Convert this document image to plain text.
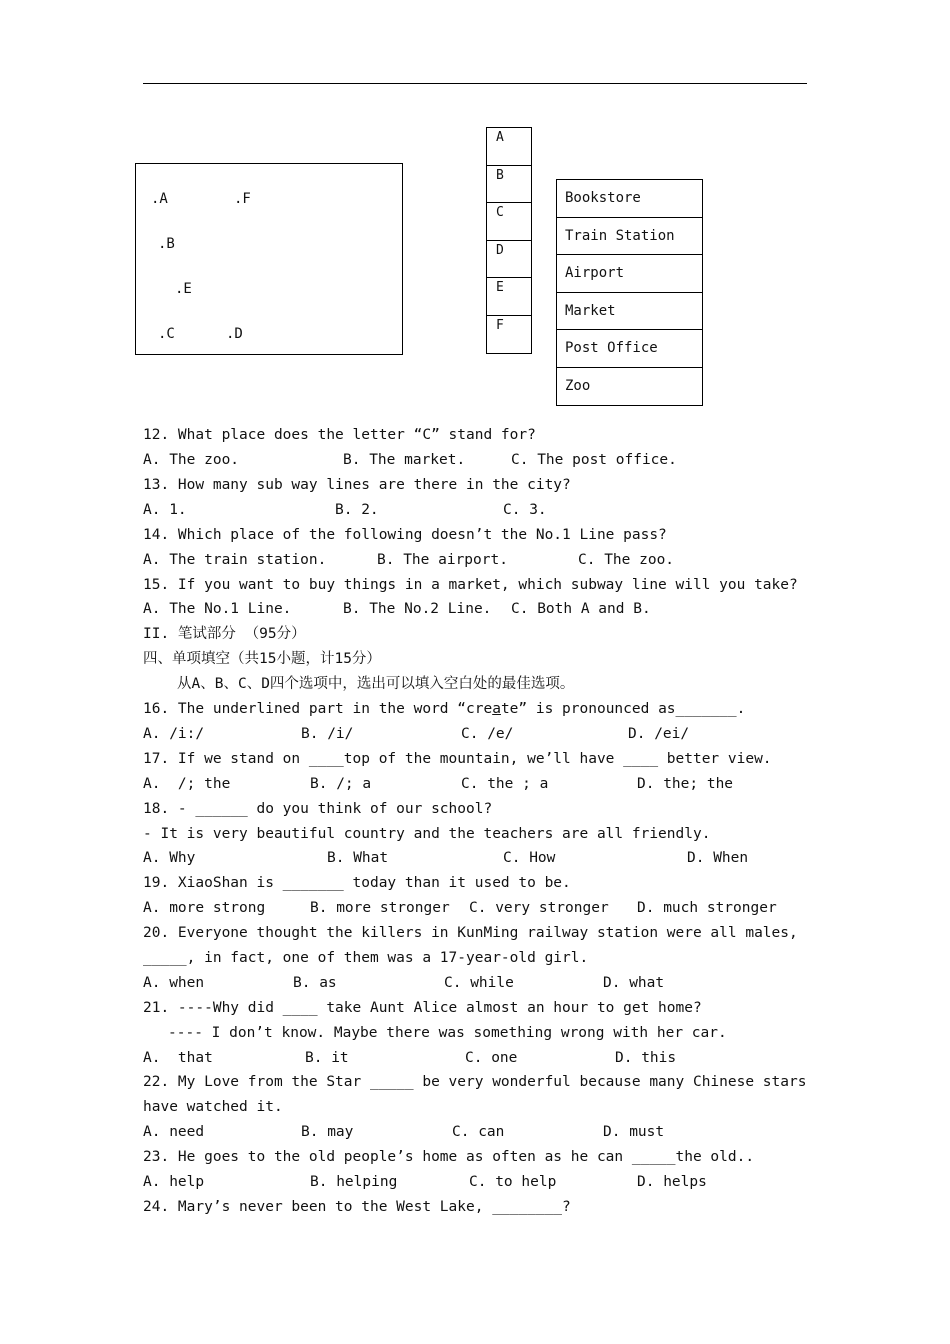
.A	.F
.B
.E
.C	.D
A
B
C
D
E
F
Bookstore
Train Station
Airport
Market
Post Office
Zoo
12. What place does the letter “C” stand for?
A. The zoo.	B. The market.	C. The post office.
13. How many sub way lines are there in the city?
A. 1.	B. 2.	C. 3.
14. Which place of the following doesn’t the No.1 Line pass?
A. The train station.	B. The airport.	C. The zoo.
15. If you want to buy things in a market, which subway line will you take?
A. The No.1 Line.	B. The No.2 Line. C. Both A and B.
II. 笔试部分 （95分）
四、单项填空（共15小题，计15分）
从A、B、C、D四个选项中，选出可以填入空白处的最佳选项。
16. The underlined part in the word “create” is pronounced as_______.
A. /i:/	B. /i/	C. /e/	D. /ei/
17. If we stand on ____top of the mountain, we’ll have ____ better view.
A.  /; the	B. /; a	C. the ; a	D. the; the
18. - ______ do you think of our school?
- It is very beautiful country and the teachers are all friendly.
A. Why	B. What	C. How	D. When
19. XiaoShan is _______ today than it used to be.
A. more strong	B. more stronger C. very stronger D. much stronger
20. Everyone thought the killers in KunMing railway station were all males,
_____, in fact, one of them was a 17-year-old girl.
A. when	B. as	C. while	D. what
21. ----Why did ____ take Aunt Alice almost an hour to get home?
---- I don’t know. Maybe there was something wrong with her car.
A.  that	B. it	C. one	D. this
22. My Love from the Star _____ be very wonderful because many Chinese stars
have watched it.
A. need	B. may	C. can	D. must
23. He goes to the old people’s home as often as he can _____the old..
A. help	B. helping	C. to help	D. helps
24. Mary’s never been to the West Lake, ________?
